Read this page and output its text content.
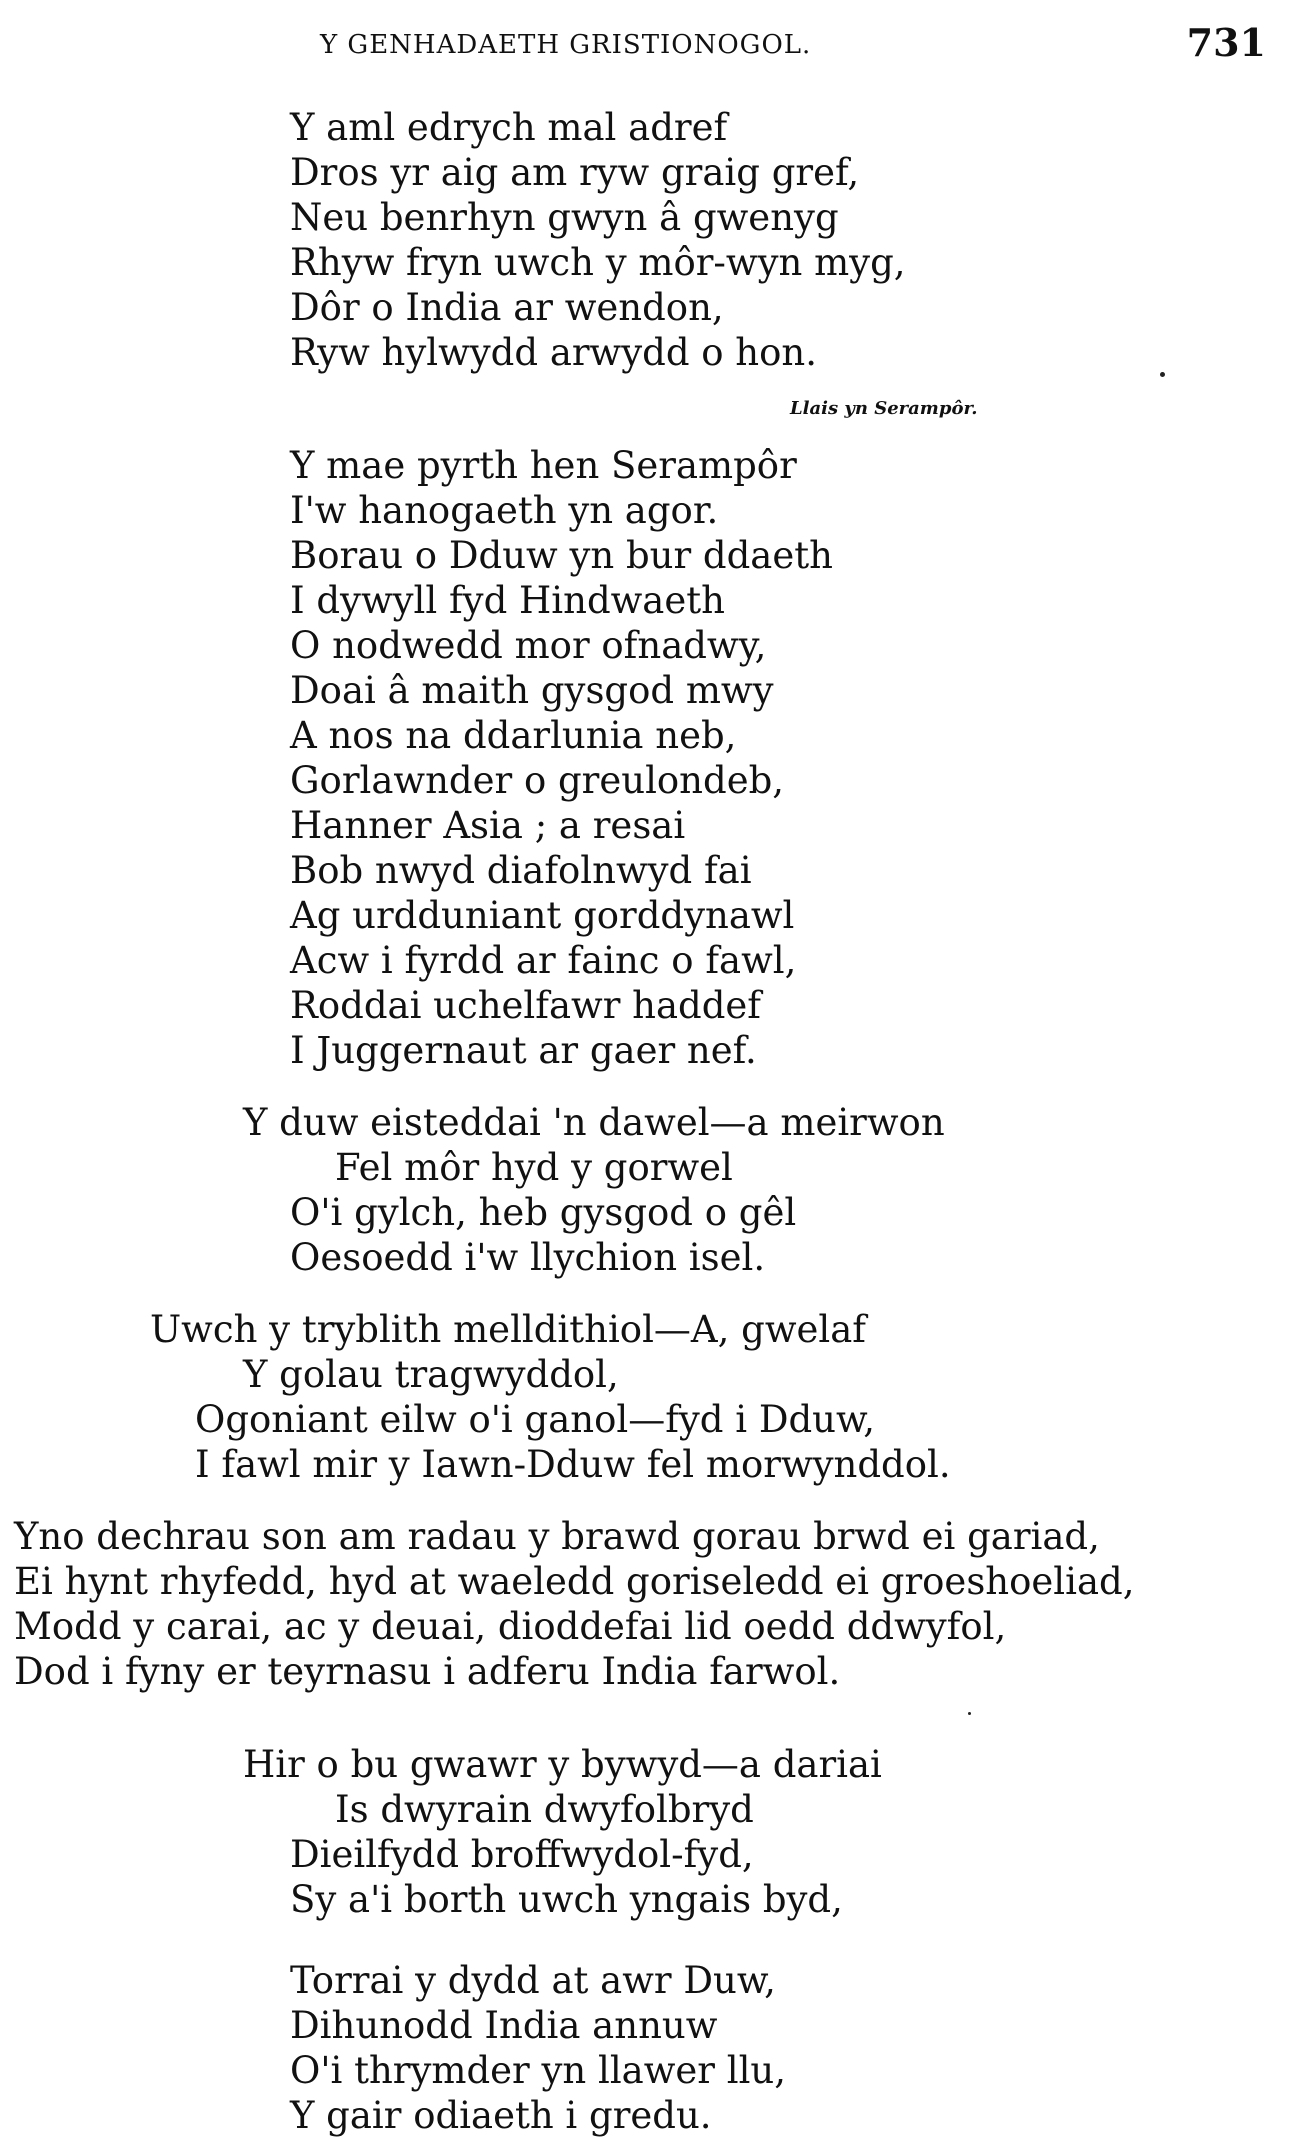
Y GENHADAETH GRISTIONOGOL.	731
Y aml edrych mal adref
Dros yr aig am ryw graig gref,
Neu benrhyn gwyn â gwenyg
Rhyw fryn uwch y môr-wyn myg,
Dôr o India ar wendon,
Ryw hylwydd arwydd o hon.
Llais yn Serampôr.
Y mae pyrth hen Serampôr
I'w hanogaeth yn agor.
Borau o Dduw yn bur ddaeth
I dywyll fyd Hindwaeth
O nodwedd mor ofnadwy,
Doai â maith gysgod mwy
A nos na ddarlunia neb,
Gorlawnder o greulondeb,
Hanner Asia ; a resai
Bob nwyd diafolnwyd fai
Ag urdduniant gorddynawl
Acw i fyrdd ar fainc o fawl,
Roddai uchelfawr haddef
I Juggernaut ar gaer nef.
Y duw eisteddai 'n dawel—a meirwon
Fel môr hyd y gorwel
O'i gylch, heb gysgod o gêl
Oesoedd i'w llychion isel.
Uwch y tryblith melldithiol—A, gwelaf
Y golau tragwyddol,
Ogoniant eilw o'i ganol—fyd i Dduw,
I fawl mir y Iawn-Dduw fel morwynddol.
Yno dechrau son am radau y brawd gorau brwd ei gariad,
Ei hynt rhyfedd, hyd at waeledd goriseledd ei groeshoeliad,
Modd y carai, ac y deuai, dioddefai lid oedd ddwyfol,
Dod i fyny er teyrnasu i adferu India farwol.
Hir o bu gwawr y bywyd—a dariai
Is dwyrain dwyfolbryd
Dieilfydd broffwydol-fyd,
Sy a'i borth uwch yngais byd,
Torrai y dydd at awr Duw,
Dihunodd India annuw
O'i thrymder yn llawer llu,
Y gair odiaeth i gredu.
